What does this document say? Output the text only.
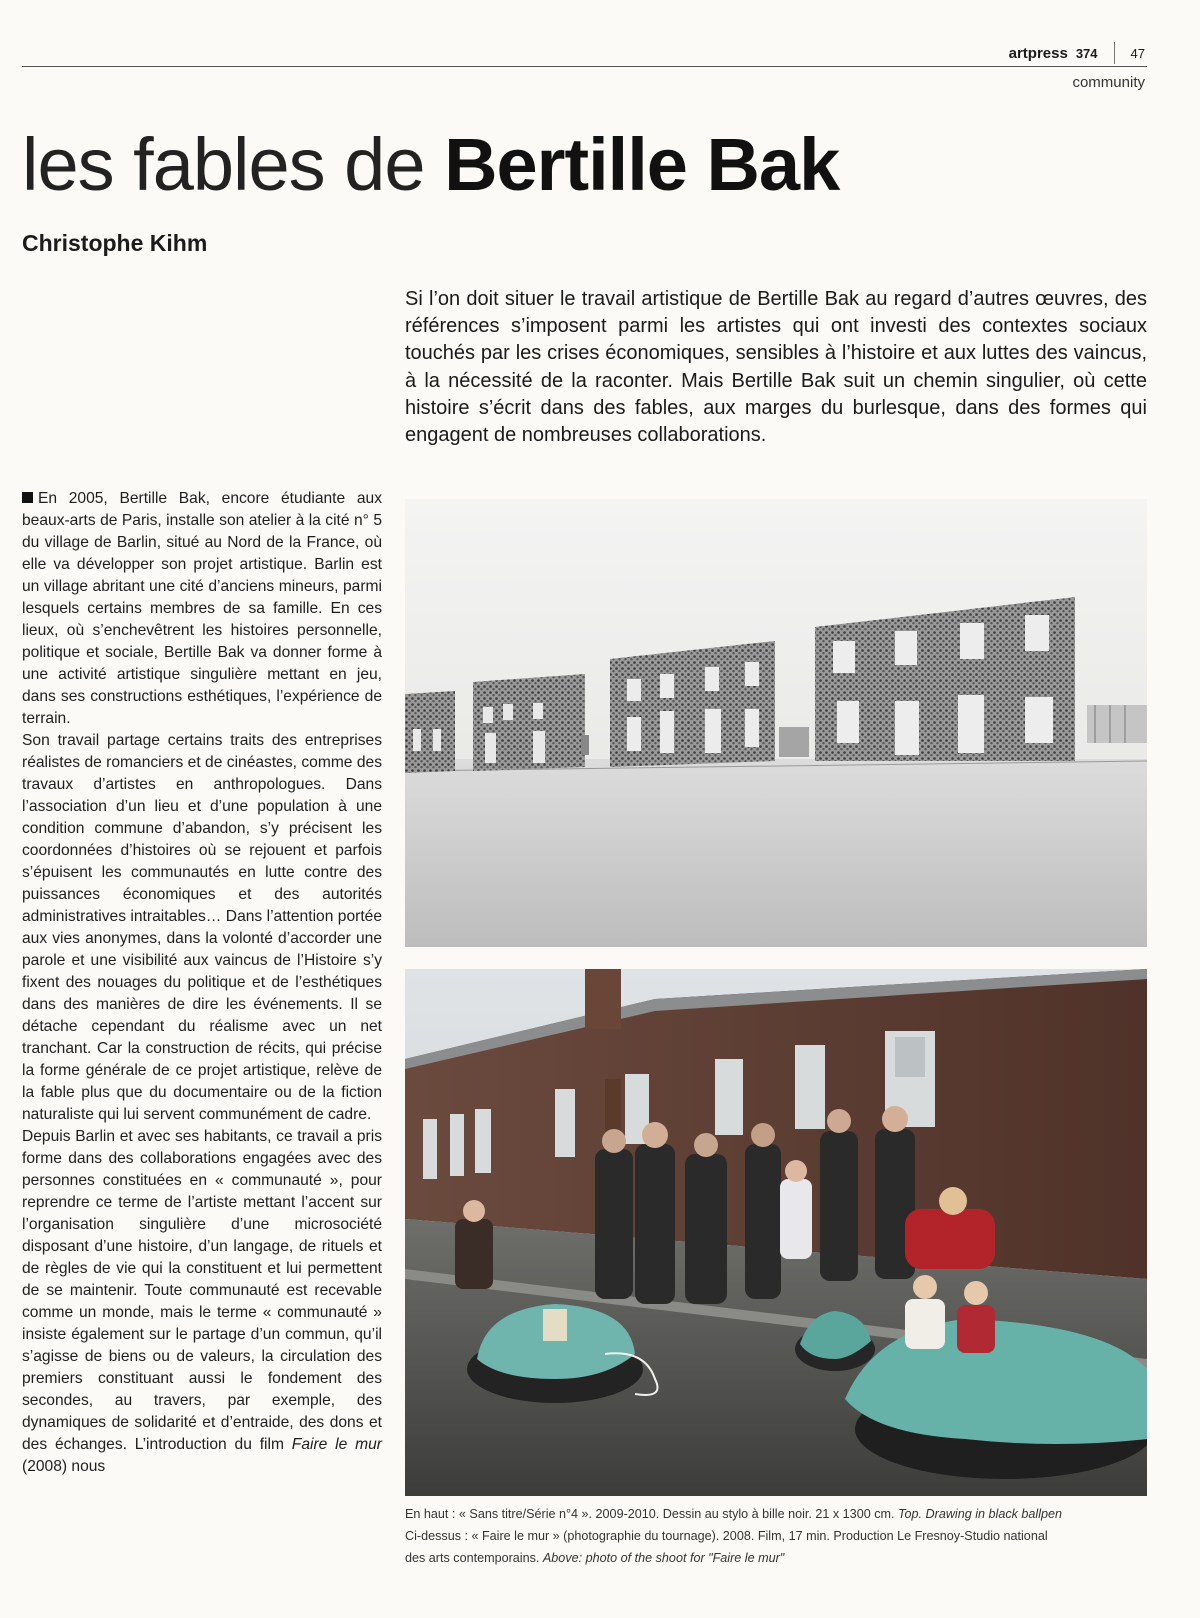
artpress 374	47
community
les fables de Bertille Bak
Christophe Kihm
Si l’on doit situer le travail artistique de Bertille Bak au regard d’autres œuvres, des références s’imposent parmi les artistes qui ont investi des contextes sociaux touchés par les crises économiques, sensibles à l’histoire et aux luttes des vaincus, à la nécessité de la raconter. Mais Bertille Bak suit un chemin singulier, où cette histoire s’écrit dans des fables, aux marges du burlesque, dans des formes qui engagent de nombreuses collaborations.

En 2005, Bertille Bak, encore étudiante aux beaux-arts de Paris, installe son atelier à la cité n° 5 du village de Barlin, situé au Nord de la France, où elle va développer son projet artistique. Barlin est un village abritant une cité d’anciens mineurs, parmi lesquels certains membres de sa famille. En ces lieux, où s’enchevêtrent les histoires personnelle, politique et sociale, Bertille Bak va donner forme à une activité artistique singulière mettant en jeu, dans ses constructions esthétiques, l’expérience de terrain.

Son travail partage certains traits des entreprises réalistes de romanciers et de cinéastes, comme des travaux d’artistes en anthropologues. Dans l’association d’un lieu et d’une population à une condition commune d’abandon, s’y précisent les coordonnées d’histoires où se rejouent et parfois s’épuisent les communautés en lutte contre des puissances économiques et des autorités administratives intraitables… Dans l’attention portée aux vies anonymes, dans la volonté d’accorder une parole et une visibilité aux vaincus de l’Histoire s’y fixent des nouages du politique et de l’esthétiques dans des manières de dire les événements. Il se détache cependant du réalisme avec un net tranchant. Car la construction de récits, qui précise la forme générale de ce projet artistique, relève de la fable plus que du documentaire ou de la fiction naturaliste qui lui servent communément de cadre.

Depuis Barlin et avec ses habitants, ce travail a pris forme dans des collaborations engagées avec des personnes constituées en « communauté », pour reprendre ce terme de l’artiste mettant l’accent sur l’organisation singulière d’une microsociété disposant d’une histoire, d’un langage, de rituels et de règles de vie qui la constituent et lui permettent de se maintenir. Toute communauté est recevable comme un monde, mais le terme « communauté » insiste également sur le partage d’un commun, qu’il s’agisse de biens ou de valeurs, la circulation des premiers constituant aussi le fondement des secondes, au travers, par exemple, des dynamiques de solidarité et d’entraide, des dons et des échanges. L’introduction du film Faire le mur (2008) nous

En haut : « Sans titre/Série n°4 ». 2009-2010. Dessin au stylo à bille noir. 21 x 1300 cm. Top. Drawing in black ballpen

Ci-dessus : « Faire le mur » (photographie du tournage). 2008. Film, 17 min. Production Le Fresnoy-Studio national

des arts contemporains. Above: photo of the shoot for "Faire le mur"
